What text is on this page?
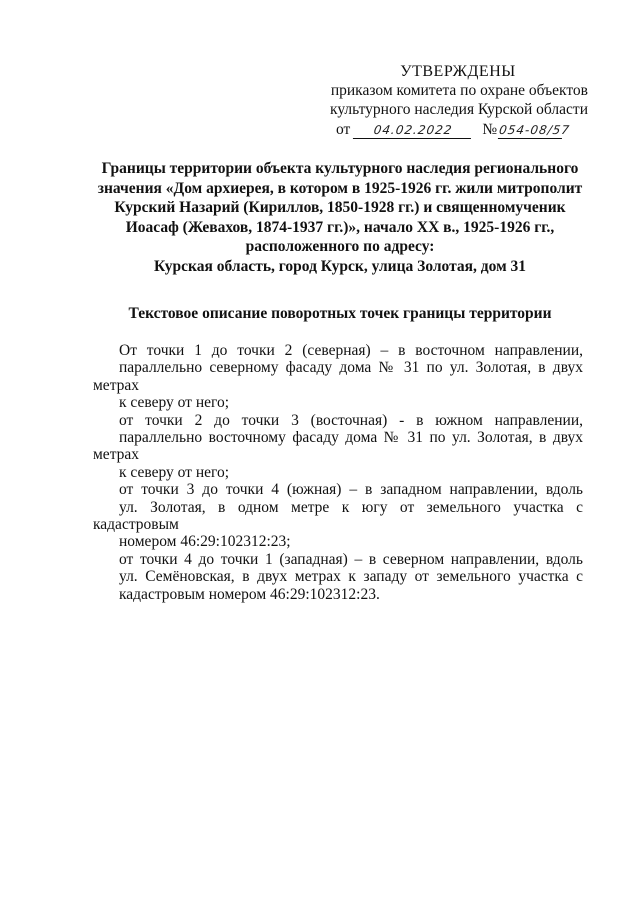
УТВЕРЖДЕНЫ
приказом комитета по охране объектов
культурного наследия Курской области
от 04.02.2022 №054-08/57
Границы территории объекта культурного наследия регионального
значения «Дом архиерея, в котором в 1925-1926 гг. жили митрополит
Курский Назарий (Кириллов, 1850-1928 гг.) и священномученик
Иоасаф (Жевахов, 1874-1937 гг.)», начало XX в., 1925-1926 гг.,
расположенного по адресу:
Курская область, город Курск, улица Золотая, дом 31
Текстовое описание поворотных точек границы территории
От точки 1 до точки 2 (северная) – в восточном направлении,
параллельно северному фасаду дома № 31 по ул. Золотая, в двух метрах
к северу от него;
от точки 2 до точки 3 (восточная) - в южном направлении,
параллельно восточному фасаду дома № 31 по ул. Золотая, в двух метрах
к северу от него;
от точки 3 до точки 4 (южная) – в западном направлении, вдоль
ул. Золотая, в одном метре к югу от земельного участка с кадастровым
номером 46:29:102312:23;
от точки 4 до точки 1 (западная) – в северном направлении, вдоль
ул. Семёновская, в двух метрах к западу от земельного участка с
кадастровым номером 46:29:102312:23.
